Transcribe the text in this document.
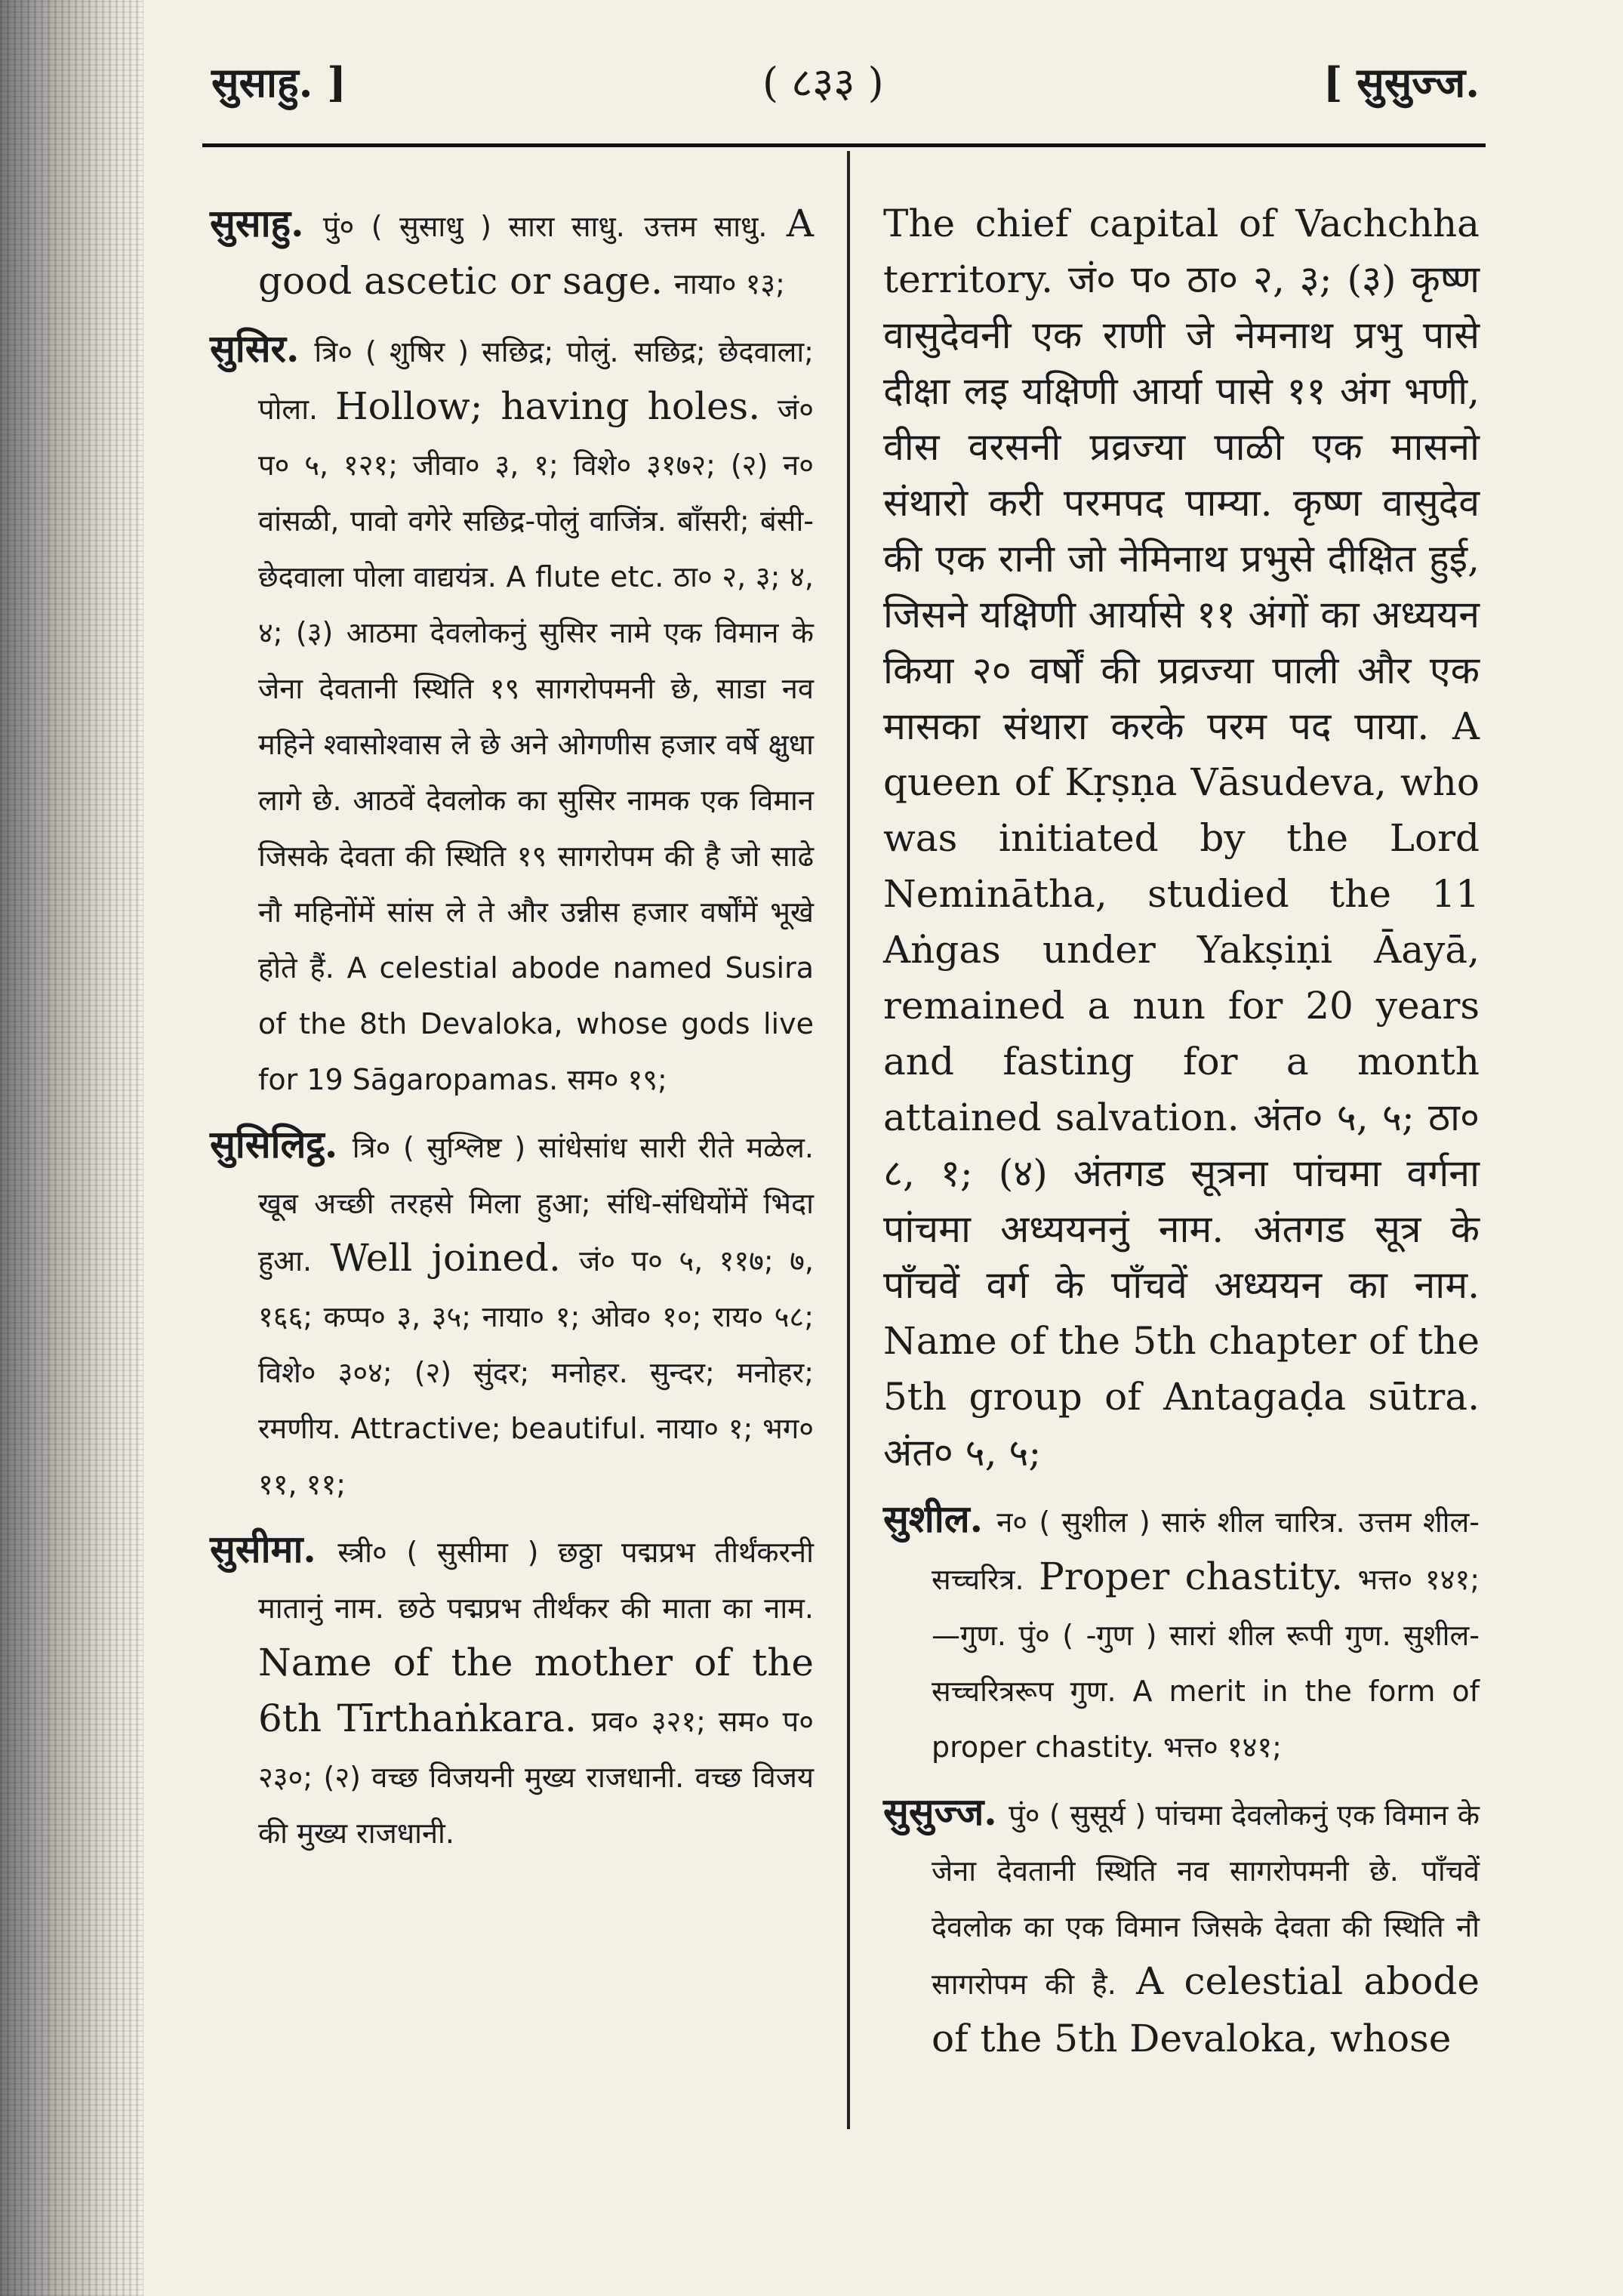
सुसाहु. ]	( ८३३ )	[ सुसुज्ज.

सुसाहु. पुं० ( सुसाधु ) सारा साधु. उत्तम साधु. A good ascetic or sage. नाया० १३;

सुसिर. त्रि० ( शुषिर ) सछिद्र; पोलुं. सछिद्र; छेदवाला; पोला. Hollow; having holes. जं० प० ५, १२१; जीवा० ३, १; विशे० ३१७२; (२) न० वांसळी, पावो वगेरे सछिद्र-पोलुं वाजिंत्र. बाँसरी; बंसी-छेदवाला पोला वाद्ययंत्र. A flute etc. ठा० २, ३; ४, ४; (३) आठमा देवलोकनुं सुसिर नामे एक विमान के जेना देवतानी स्थिति १९ सागरोपमनी छे, साडा नव महिने श्वासोश्वास ले छे अने ओगणीस हजार वर्षे क्षुधा लागे छे. आठवें देवलोक का सुसिर नामक एक विमान जिसके देवता की स्थिति १९ सागरोपम की है जो साढे नौ महिनोंमें सांस ले ते और उन्नीस हजार वर्षोंमें भूखे होते हैं. A celestial abode named Susira of the 8th Devaloka, whose gods live for 19 Sāgaropamas. सम० १९;

सुसिलिट्ठ. त्रि० ( सुश्लिष्ट ) सांधेसांध सारी रीते मळेल. खूब अच्छी तरहसे मिला हुआ; संधि-संधियोंमें भिदा हुआ. Well joined. जं० प० ५, ११७; ७, १६६; कप्प० ३, ३५; नाया० १; ओव० १०; राय० ५८; विशे० ३०४; (२) सुंदर; मनोहर. सुन्दर; मनोहर; रमणीय. Attractive; beautiful. नाया० १; भग० ११, ११;

सुसीमा. स्त्री० ( सुसीमा ) छठ्ठा पद्मप्रभ तीर्थंकरनी मातानुं नाम. छठे पद्मप्रभ तीर्थंकर की माता का नाम. Name of the mother of the 6th Tīrthaṅkara. प्रव० ३२१; सम० प० २३०; (२) वच्छ विजयनी मुख्य राजधानी. वच्छ विजय की मुख्य राजधानी.

The chief capital of Vachchha territory. जं० प० ठा० २, ३; (३) कृष्ण वासुदेवनी एक राणी जे नेमनाथ प्रभु पासे दीक्षा लइ यक्षिणी आर्या पासे ११ अंग भणी, वीस वरसनी प्रव्रज्या पाळी एक मासनो संथारो करी परमपद पाम्या. कृष्ण वासुदेव की एक रानी जो नेमिनाथ प्रभुसे दीक्षित हुई, जिसने यक्षिणी आर्यासे ११ अंगों का अध्ययन किया २० वर्षों की प्रव्रज्या पाली और एक मासका संथारा करके परम पद पाया. A queen of Kṛṣṇa Vāsudeva, who was initiated by the Lord Neminātha, studied the 11 Aṅgas under Yakṣiṇi Āayā, remained a nun for 20 years and fasting for a month attained salvation. अंत० ५, ५; ठा० ८, १; (४) अंतगड सूत्रना पांचमा वर्गना पांचमा अध्ययननुं नाम. अंतगड सूत्र के पाँचवें वर्ग के पाँचवें अध्ययन का नाम. Name of the 5th chapter of the 5th group of Antagaḍa sūtra. अंत० ५, ५;

सुशील. न० ( सुशील ) सारुं शील चारित्र. उत्तम शील-सच्चरित्र. Proper chastity. भत्त० १४१; —गुण. पुं० ( -गुण ) सारां शील रूपी गुण. सुशील-सच्चरित्ररूप गुण. A merit in the form of proper chastity. भत्त० १४१;

सुसुज्ज. पुं० ( सुसूर्य ) पांचमा देवलोकनुं एक विमान के जेना देवतानी स्थिति नव सागरोपमनी छे. पाँचवें देवलोक का एक विमान जिसके देवता की स्थिति नौ सागरोपम की है. A celestial abode of the 5th Devaloka, whose
